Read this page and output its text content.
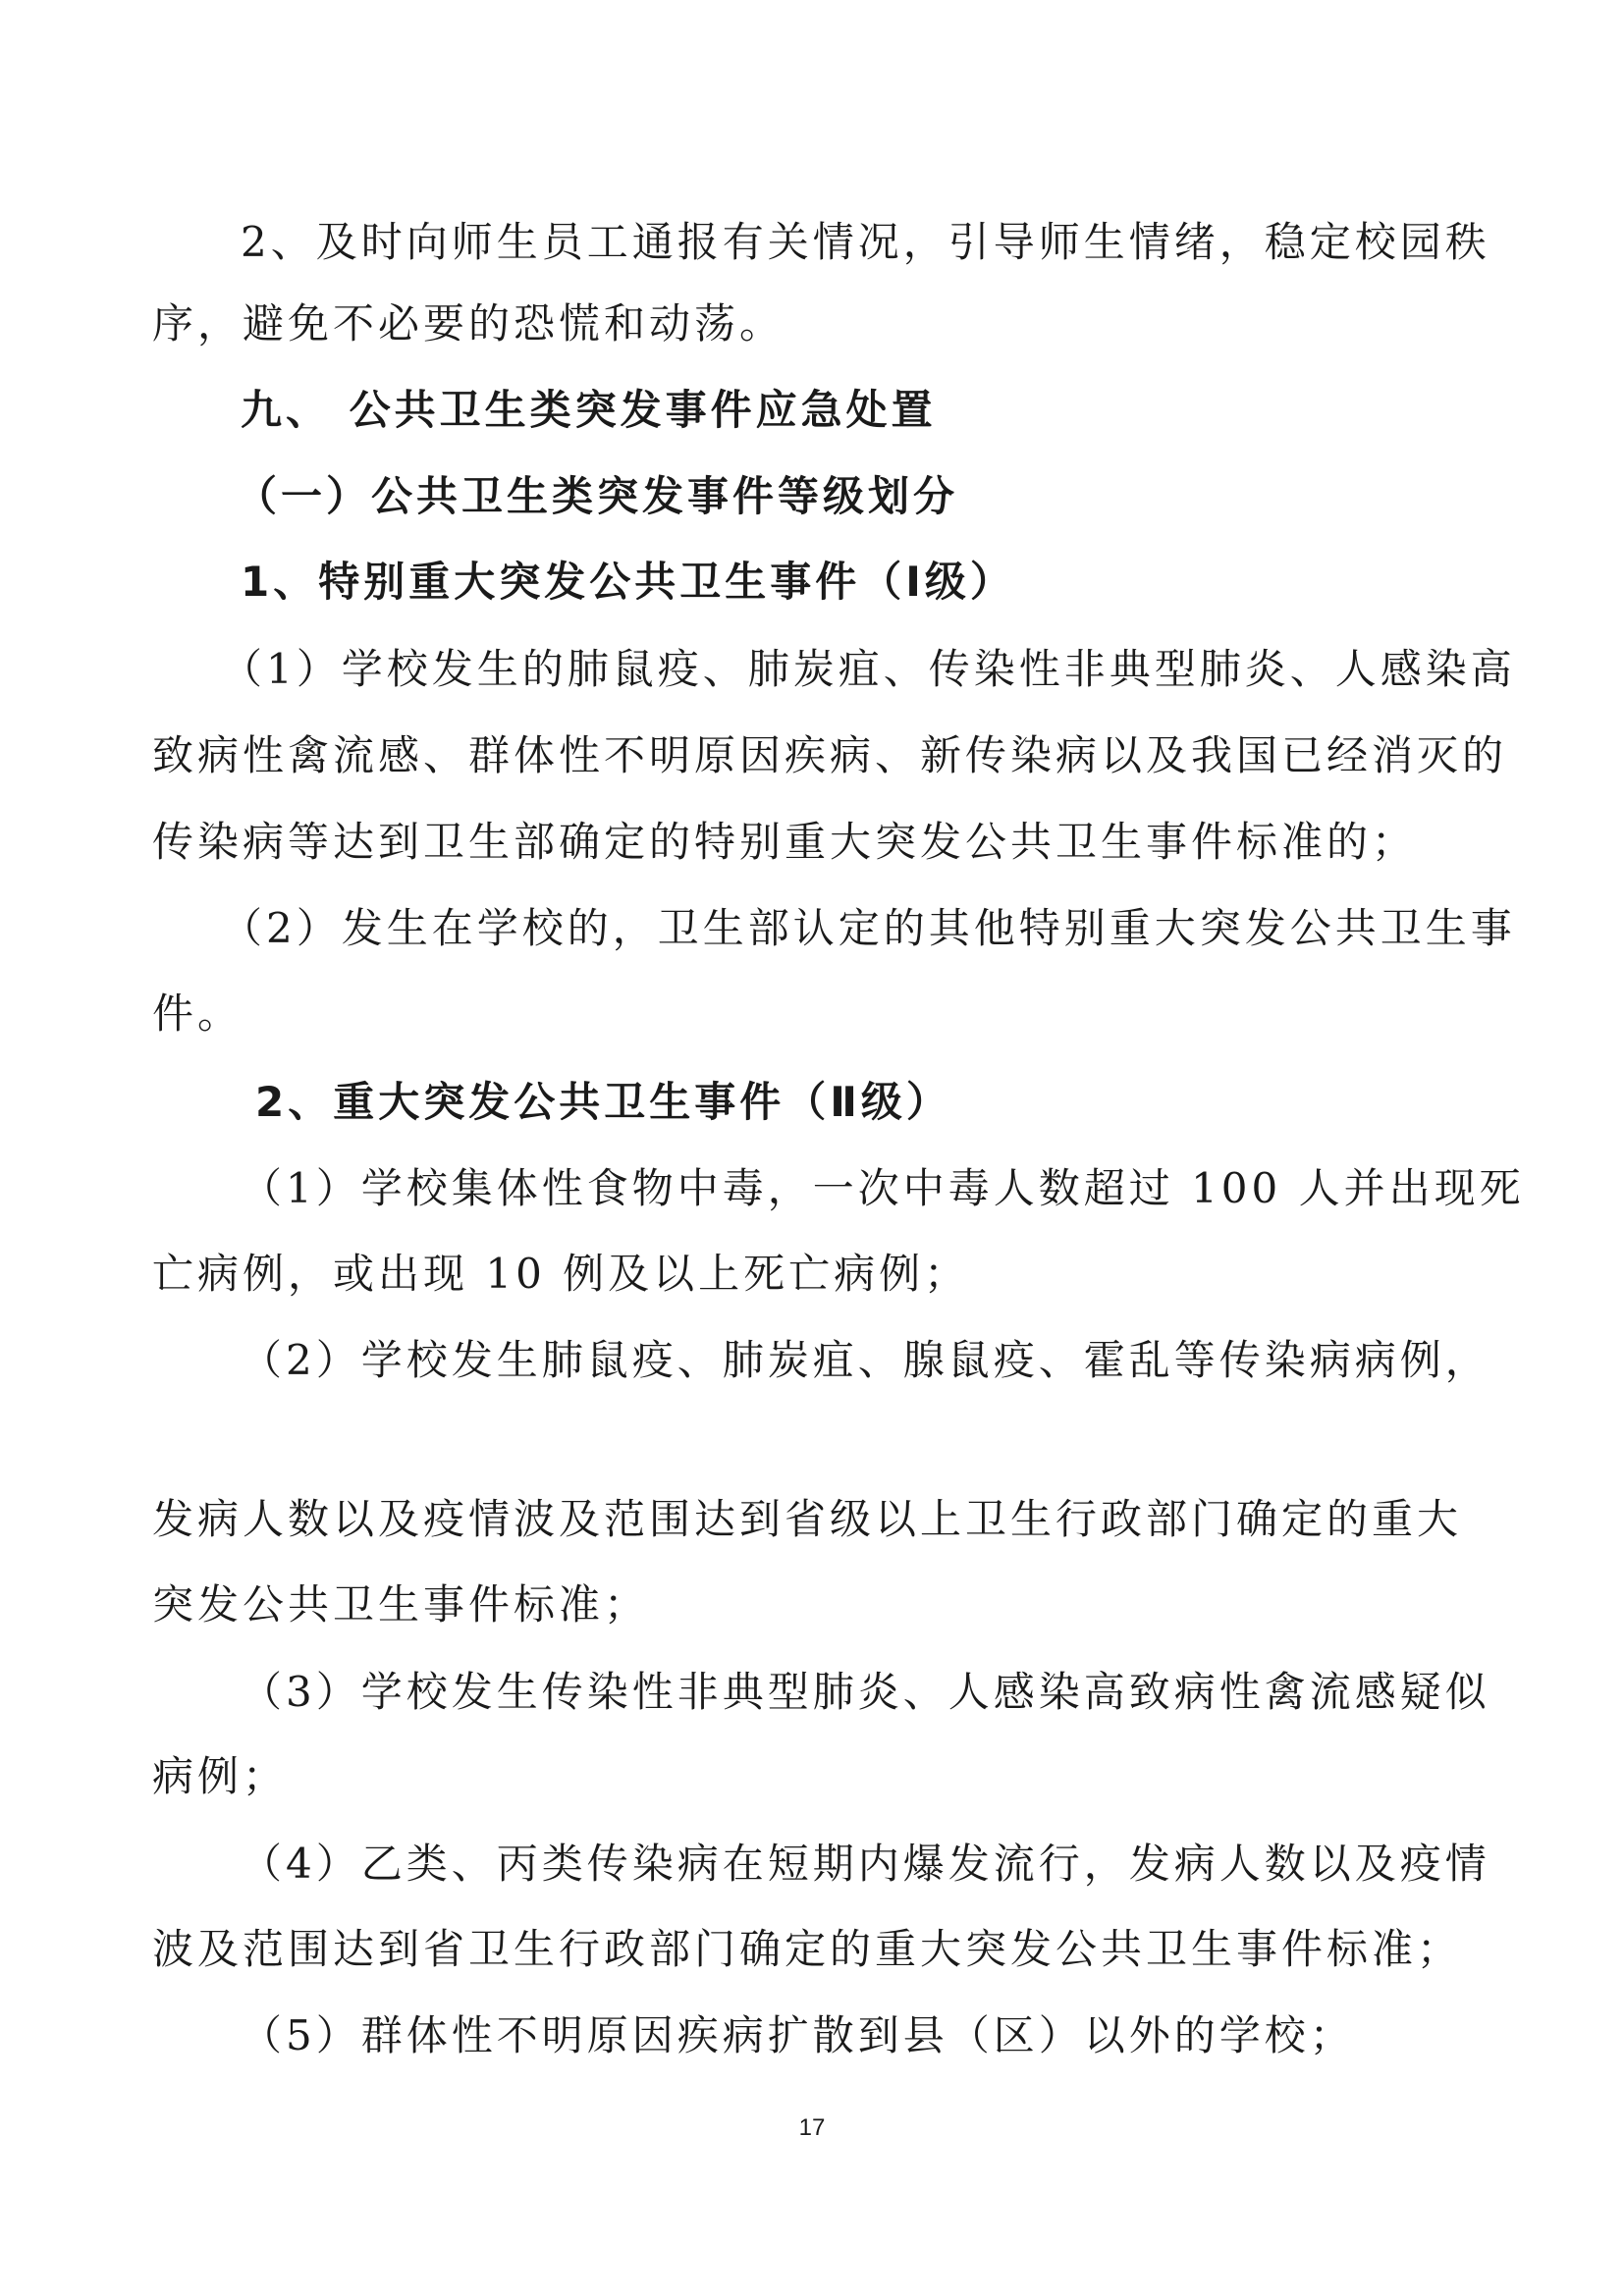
2、及时向师生员工通报有关情况，引导师生情绪，稳定校园秩
序，避免不必要的恐慌和动荡。
九、 公共卫生类突发事件应急处置
（一）公共卫生类突发事件等级划分
1、特别重大突发公共卫生事件（Ⅰ级）
（1）学校发生的肺鼠疫、肺炭疽、传染性非典型肺炎、人感染高
致病性禽流感、群体性不明原因疾病、新传染病以及我国已经消灭的
传染病等达到卫生部确定的特别重大突发公共卫生事件标准的；
（2）发生在学校的，卫生部认定的其他特别重大突发公共卫生事
件。
2、重大突发公共卫生事件（Ⅱ级）
（1）学校集体性食物中毒，一次中毒人数超过 100 人并出现死
亡病例，或出现 10 例及以上死亡病例；
（2）学校发生肺鼠疫、肺炭疽、腺鼠疫、霍乱等传染病病例，
发病人数以及疫情波及范围达到省级以上卫生行政部门确定的重大
突发公共卫生事件标准；
（3）学校发生传染性非典型肺炎、人感染高致病性禽流感疑似
病例；
（4）乙类、丙类传染病在短期内爆发流行，发病人数以及疫情
波及范围达到省卫生行政部门确定的重大突发公共卫生事件标准；
（5）群体性不明原因疾病扩散到县（区）以外的学校；
17
